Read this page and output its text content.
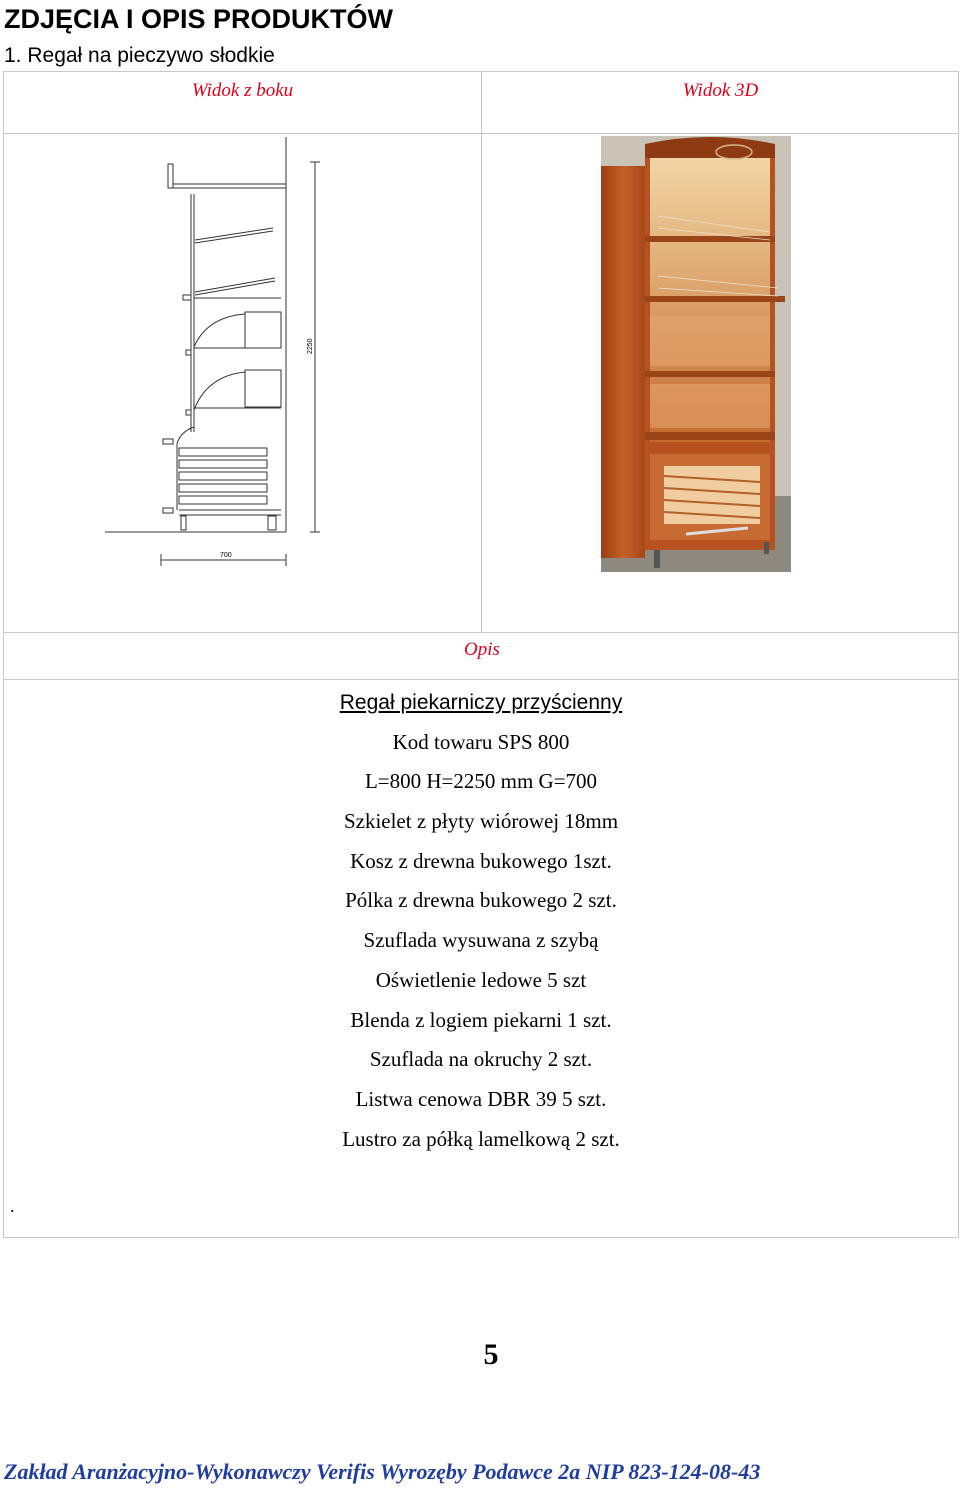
ZDJĘCIA I OPIS PRODUKTÓW
1. Regał na pieczywo słodkie
Widok z boku	Widok 3D
Opis
2250
700
Regał piekarniczy przyścienny
Kod towaru SPS 800
L=800 H=2250 mm G=700
Szkielet z płyty wiórowej 18mm
Kosz z drewna bukowego 1szt.
Pólka z drewna bukowego 2 szt.
Szuflada wysuwana z szybą
Oświetlenie ledowe 5 szt
Blenda z logiem piekarni 1 szt.
Szuflada na okruchy 2 szt.
Listwa cenowa DBR 39 5 szt.
Lustro za półką lamelkową 2 szt.
.
5
Zakład Aranżacyjno-Wykonawczy Verifis Wyrozęby Podawce 2a NIP 823-124-08-43
